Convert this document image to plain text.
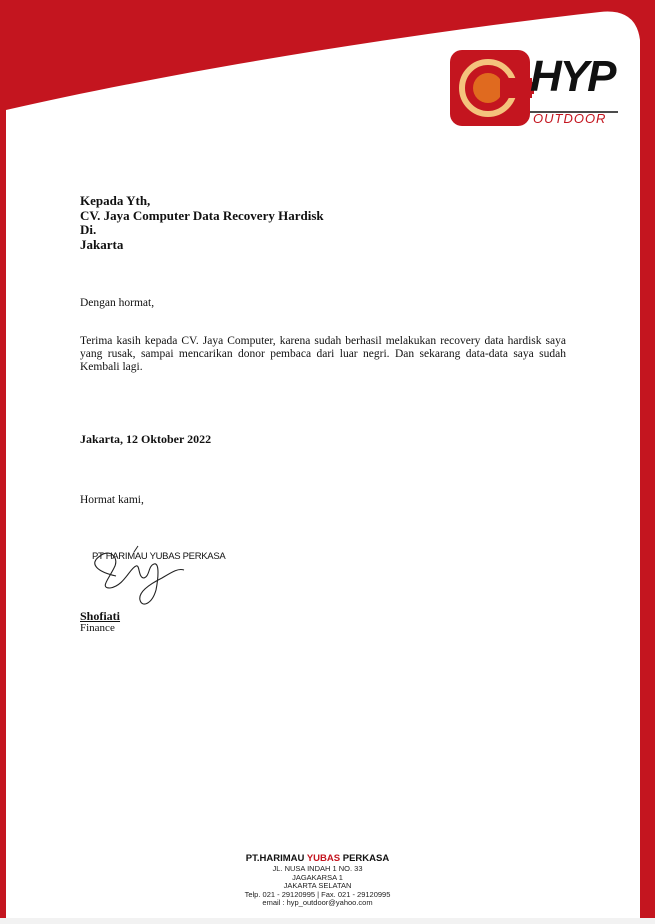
HYP
OUTDOOR
Kepada Yth,
CV. Jaya Computer Data Recovery Hardisk
Di.
Jakarta
Dengan hormat,
Terima kasih kepada CV. Jaya Computer, karena sudah berhasil melakukan recovery data hardisk saya yang rusak, sampai mencarikan donor pembaca dari luar negri. Dan sekarang data-data saya sudah Kembali lagi.
Jakarta, 12 Oktober 2022
Hormat kami,
PT HARIMAU YUBAS PERKASA
Shofiati
Finance
PT.HARIMAU YUBAS PERKASA
JL. NUSA INDAH 1 NO. 33
JAGAKARSA 1
JAKARTA SELATAN
Telp. 021 - 29120995 | Fax. 021 - 29120995
email : hyp_outdoor@yahoo.com
